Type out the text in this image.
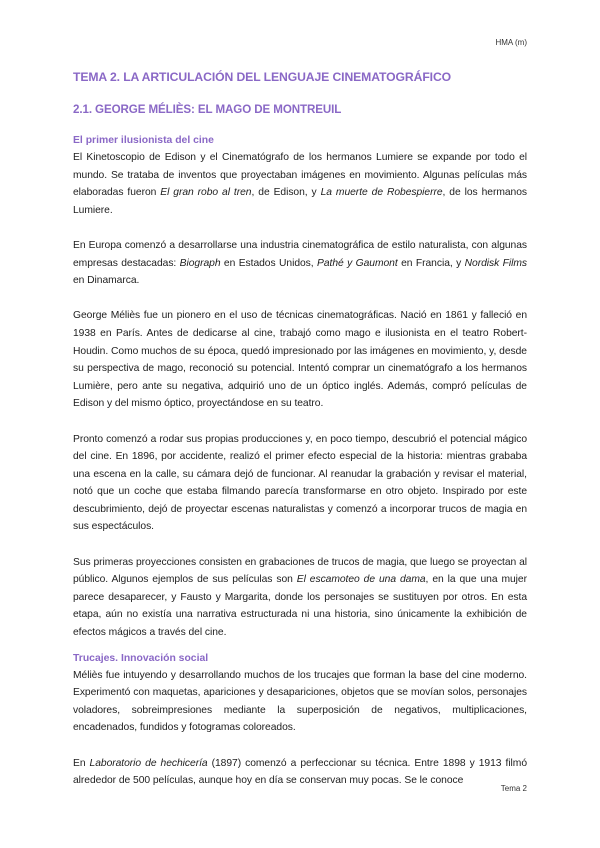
HMA (m)
TEMA 2. LA ARTICULACIÓN DEL LENGUAJE CINEMATOGRÁFICO
2.1. GEORGE MÉLIÈS: EL MAGO DE MONTREUIL
El primer ilusionista del cine

El Kinetoscopio de Edison y el Cinematógrafo de los hermanos Lumiere se expande por todo el mundo. Se trataba de inventos que proyectaban imágenes en movimiento. Algunas películas más elaboradas fueron El gran robo al tren, de Edison, y La muerte de Robespierre, de los hermanos Lumiere.

En Europa comenzó a desarrollarse una industria cinematográfica de estilo naturalista, con algunas empresas destacadas: Biograph en Estados Unidos, Pathé y Gaumont en Francia, y Nordisk Films en Dinamarca.

George Méliès fue un pionero en el uso de técnicas cinematográficas. Nació en 1861 y falleció en 1938 en París. Antes de dedicarse al cine, trabajó como mago e ilusionista en el teatro Robert-Houdin. Como muchos de su época, quedó impresionado por las imágenes en movimiento, y, desde su perspectiva de mago, reconoció su potencial. Intentó comprar un cinematógrafo a los hermanos Lumière, pero ante su negativa, adquirió uno de un óptico inglés. Además, compró películas de Edison y del mismo óptico, proyectándose en su teatro.

Pronto comenzó a rodar sus propias producciones y, en poco tiempo, descubrió el potencial mágico del cine. En 1896, por accidente, realizó el primer efecto especial de la historia: mientras grababa una escena en la calle, su cámara dejó de funcionar. Al reanudar la grabación y revisar el material, notó que un coche que estaba filmando parecía transformarse en otro objeto. Inspirado por este descubrimiento, dejó de proyectar escenas naturalistas y comenzó a incorporar trucos de magia en sus espectáculos.

Sus primeras proyecciones consisten en grabaciones de trucos de magia, que luego se proyectan al público. Algunos ejemplos de sus películas son El escamoteo de una dama, en la que una mujer parece desaparecer, y Fausto y Margarita, donde los personajes se sustituyen por otros. En esta etapa, aún no existía una narrativa estructurada ni una historia, sino únicamente la exhibición de efectos mágicos a través del cine.

Trucajes. Innovación social

Méliès fue intuyendo y desarrollando muchos de los trucajes que forman la base del cine moderno. Experimentó con maquetas, apariciones y desapariciones, objetos que se movían solos, personajes voladores, sobreimpresiones mediante la superposición de negativos, multiplicaciones, encadenados, fundidos y fotogramas coloreados.

En Laboratorio de hechicería (1897) comenzó a perfeccionar su técnica. Entre 1898 y 1913 filmó alrededor de 500 películas, aunque hoy en día se conservan muy pocas. Se le conoce

Tema 2
